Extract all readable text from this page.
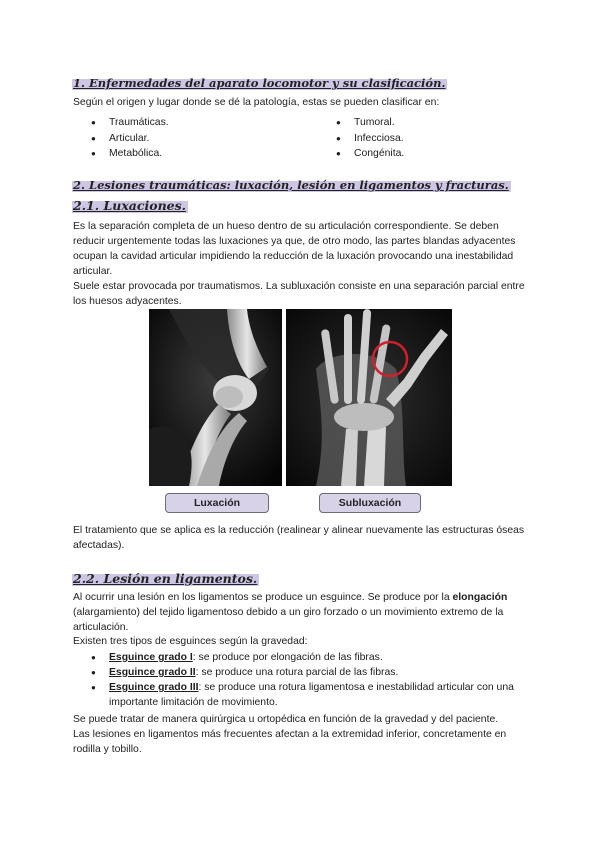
1. Enfermedades del aparato locomotor y su clasificación.
Según el origen y lugar donde se dé la patología, estas se pueden clasificar en:
● Traumáticas.
● Articular.
● Metabólica.
● Tumoral.
● Infecciosa.
● Congénita.
2. Lesiones traumáticas: luxación, lesión en ligamentos y fracturas.
2.1. Luxaciones.
Es la separación completa de un hueso dentro de su articulación correspondiente. Se deben reducir urgentemente todas las luxaciones ya que, de otro modo, las partes blandas adyacentes ocupan la cavidad articular impidiendo la reducción de la luxación provocando una inestabilidad articular.
Suele estar provocada por traumatismos. La subluxación consiste en una separación parcial entre los huesos adyacentes.
Luxación	Subluxación
El tratamiento que se aplica es la reducción (realinear y alinear nuevamente las estructuras óseas afectadas).
2.2. Lesión en ligamentos.
Al ocurrir una lesión en los ligamentos se produce un esguince. Se produce por la elongación (alargamiento) del tejido ligamentoso debido a un giro forzado o un movimiento extremo de la articulación.
Existen tres tipos de esguinces según la gravedad:
● Esguince grado I: se produce por elongación de las fibras.
● Esguince grado II: se produce una rotura parcial de las fibras.
● Esguince grado III: se produce una rotura ligamentosa e inestabilidad articular con una importante limitación de movimiento.
Se puede tratar de manera quirúrgica u ortopédica en función de la gravedad y del paciente.
Las lesiones en ligamentos más frecuentes afectan a la extremidad inferior, concretamente en rodilla y tobillo.
